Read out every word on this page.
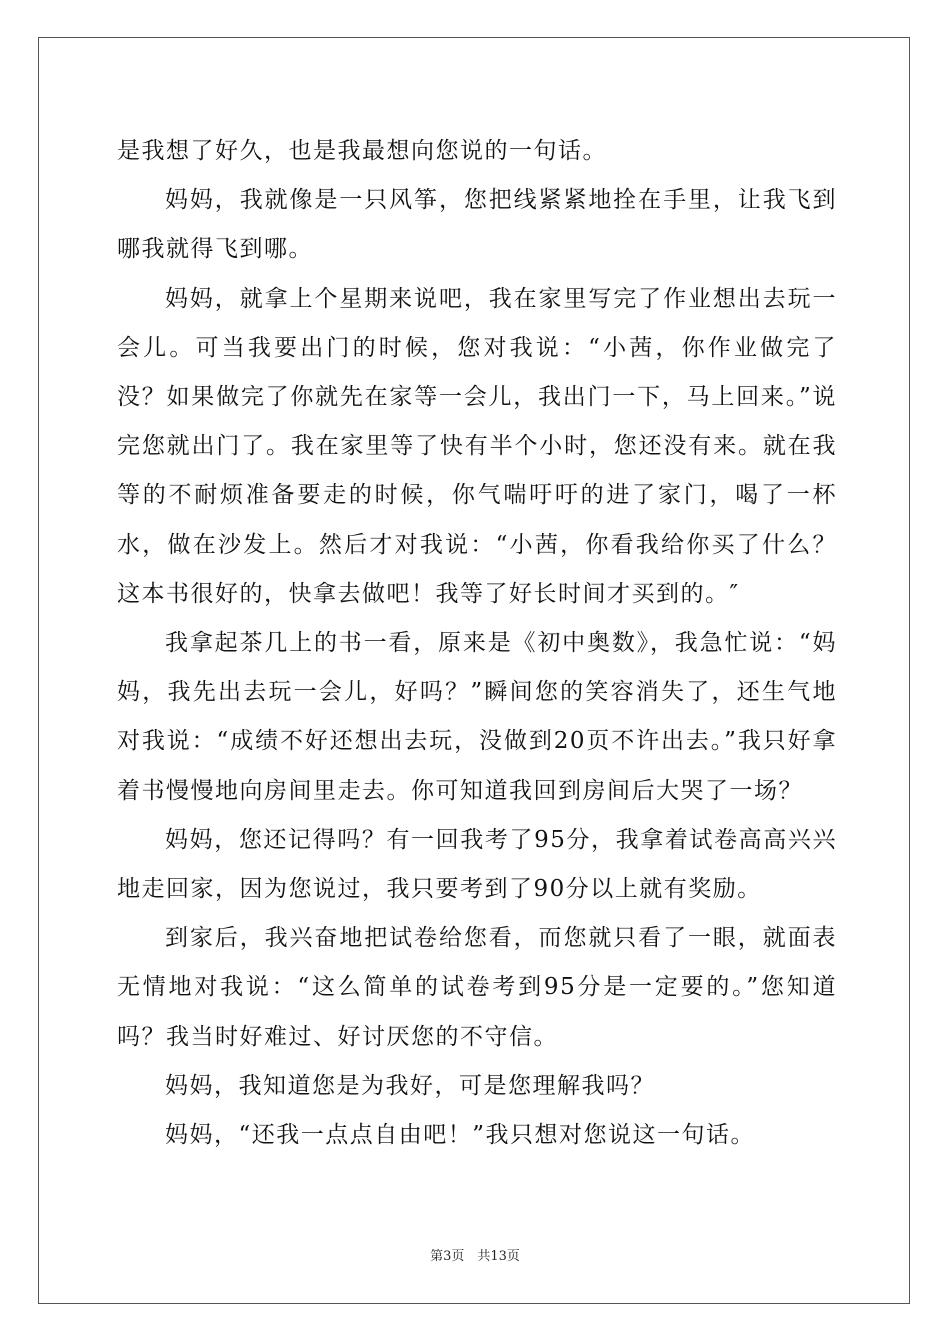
是我想了好久，也是我最想向您说的一句话。

妈妈，我就像是一只风筝，您把线紧紧地拴在手里，让我飞到哪我就得飞到哪。

妈妈，就拿上个星期来说吧，我在家里写完了作业想出去玩一会儿。可当我要出门的时候，您对我说：“小茜，你作业做完了没？如果做完了你就先在家等一会儿，我出门一下，马上回来。”说完您就出门了。我在家里等了快有半个小时，您还没有来。就在我等的不耐烦准备要走的时候，你气喘吁吁的进了家门，喝了一杯水，做在沙发上。然后才对我说：“小茜，你看我给你买了什么？这本书很好的，快拿去做吧！我等了好长时间才买到的。″

我拿起茶几上的书一看，原来是《初中奥数》，我急忙说：“妈妈，我先出去玩一会儿，好吗？”瞬间您的笑容消失了，还生气地对我说：“成绩不好还想出去玩，没做到20页不许出去。”我只好拿着书慢慢地向房间里走去。你可知道我回到房间后大哭了一场？

妈妈，您还记得吗？有一回我考了95分，我拿着试卷高高兴兴地走回家，因为您说过，我只要考到了90分以上就有奖励。

到家后，我兴奋地把试卷给您看，而您就只看了一眼，就面表无情地对我说：“这么简单的试卷考到95分是一定要的。”您知道吗？我当时好难过、好讨厌您的不守信。

妈妈，我知道您是为我好，可是您理解我吗？

妈妈，“还我一点点自由吧！”我只想对您说这一句话。

第3页　共13页
